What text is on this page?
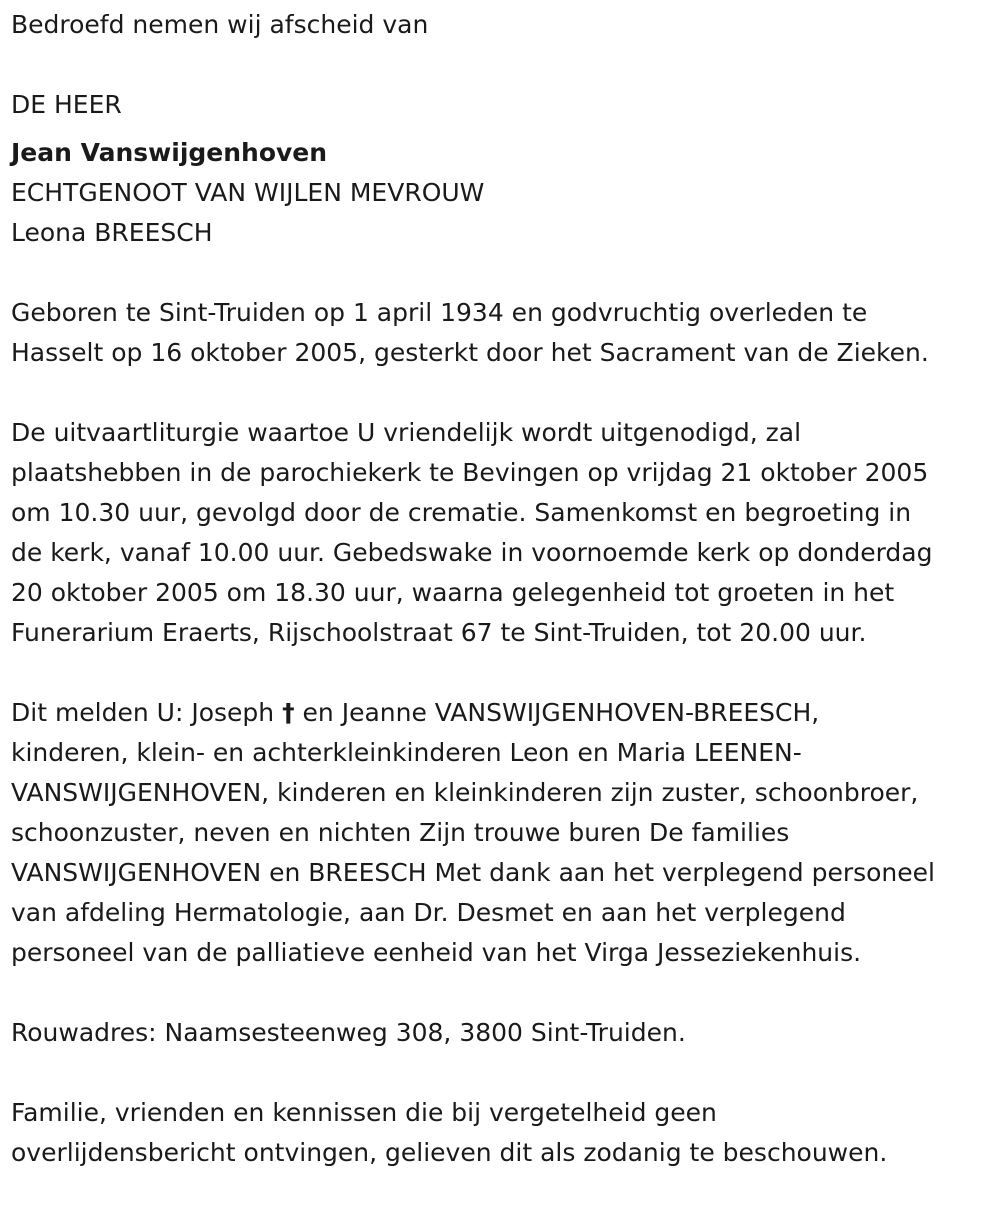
Bedroefd nemen wij afscheid van

DE HEER

Jean Vanswijgenhoven

ECHTGENOOT VAN WIJLEN MEVROUW

Leona BREESCH

Geboren te Sint-Truiden op 1 april 1934 en godvruchtig overleden te

Hasselt op 16 oktober 2005, gesterkt door het Sacrament van de Zieken.

De uitvaartliturgie waartoe U vriendelijk wordt uitgenodigd, zal

plaatshebben in de parochiekerk te Bevingen op vrijdag 21 oktober 2005

om 10.30 uur, gevolgd door de crematie. Samenkomst en begroeting in

de kerk, vanaf 10.00 uur. Gebedswake in voornoemde kerk op donderdag

20 oktober 2005 om 18.30 uur, waarna gelegenheid tot groeten in het

Funerarium Eraerts, Rijschoolstraat 67 te Sint-Truiden, tot 20.00 uur.

Dit melden U: Joseph † en Jeanne VANSWIJGENHOVEN-BREESCH,

kinderen, klein- en achterkleinkinderen Leon en Maria LEENEN-

VANSWIJGENHOVEN, kinderen en kleinkinderen zijn zuster, schoonbroer,

schoonzuster, neven en nichten Zijn trouwe buren De families

VANSWIJGENHOVEN en BREESCH Met dank aan het verplegend personeel

van afdeling Hermatologie, aan Dr. Desmet en aan het verplegend

personeel van de palliatieve eenheid van het Virga Jesseziekenhuis.

Rouwadres: Naamsesteenweg 308, 3800 Sint-Truiden.

Familie, vrienden en kennissen die bij vergetelheid geen

overlijdensbericht ontvingen, gelieven dit als zodanig te beschouwen.
